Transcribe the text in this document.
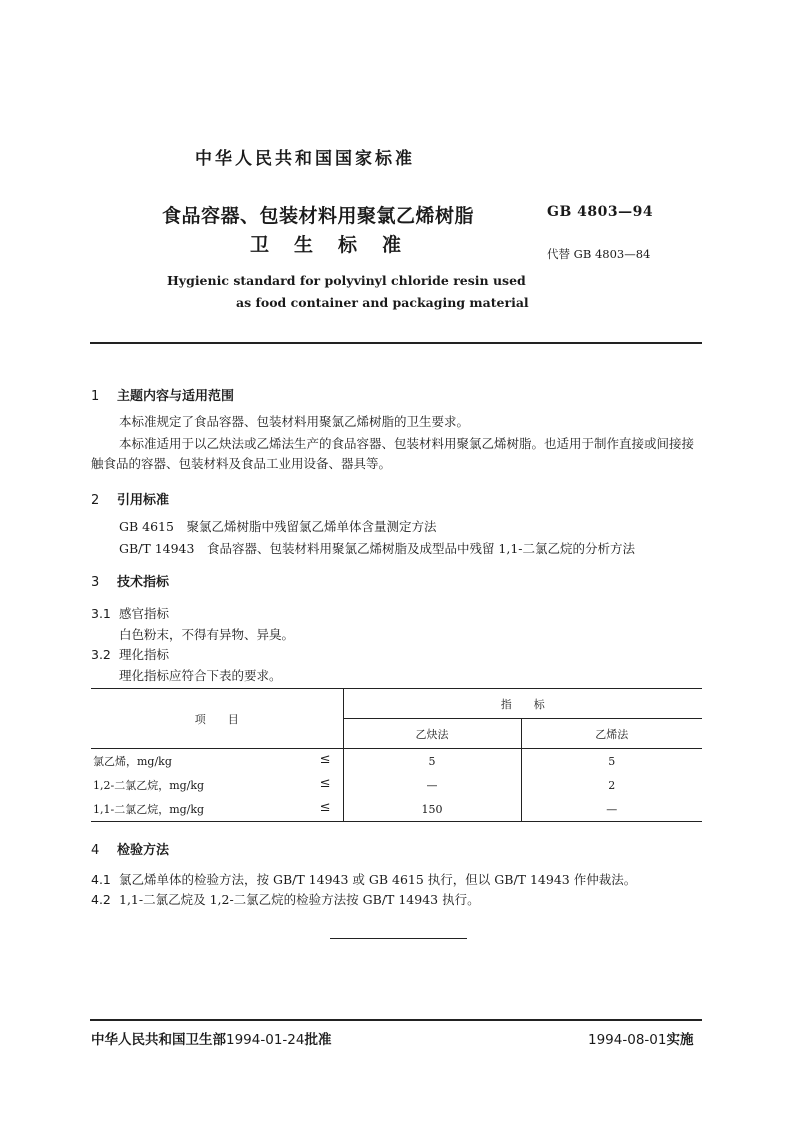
中华人民共和国国家标准
食品容器、包装材料用聚氯乙烯树脂
卫生标准
GB 4803—94
代替 GB 4803—84
Hygienic standard for polyvinyl chloride resin used
as food container and packaging material
1 主题内容与适用范围
本标准规定了食品容器、包装材料用聚氯乙烯树脂的卫生要求。
本标准适用于以乙炔法或乙烯法生产的食品容器、包装材料用聚氯乙烯树脂。也适用于制作直接或间接接触食品的容器、包装材料及食品工业用设备、器具等。
2 引用标准
GB 4615　聚氯乙烯树脂中残留氯乙烯单体含量测定方法
GB/T 14943　食品容器、包装材料用聚氯乙烯树脂及成型品中残留 1,1-二氯乙烷的分析方法
3 技术指标
3.1 感官指标
白色粉末，不得有异物、异臭。
3.2 理化指标
理化指标应符合下表的要求。
项　　目	指　　标	
	乙炔法	乙烯法
氯乙烯，mg/kg ≤	5	5
1,2-二氯乙烷，mg/kg ≤	—	2
1,1-二氯乙烷，mg/kg ≤	150	—
4 检验方法
4.1 氯乙烯单体的检验方法，按 GB/T 14943 或 GB 4615 执行，但以 GB/T 14943 作仲裁法。
4.2 1,1-二氯乙烷及 1,2-二氯乙烷的检验方法按 GB/T 14943 执行。
中华人民共和国卫生部1994-01-24批准	1994-08-01实施
